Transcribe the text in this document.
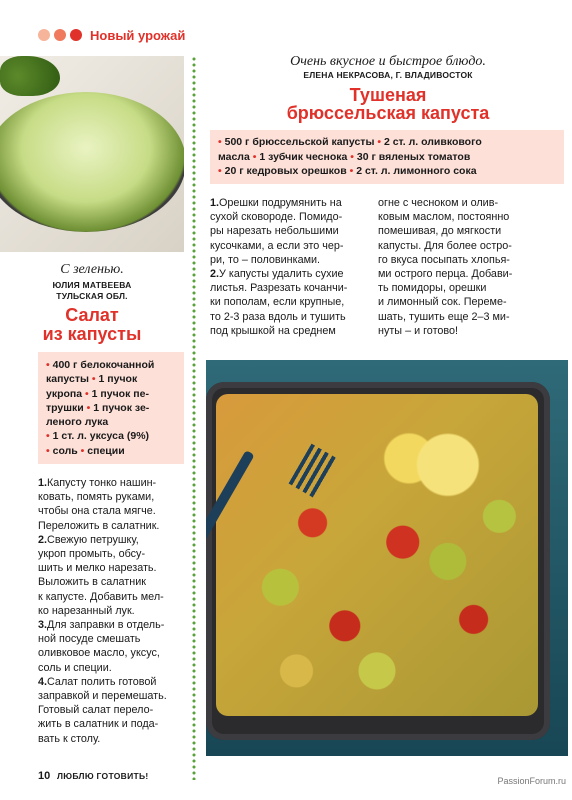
Новый урожай
С зеленью.
ЮЛИЯ МАТВЕЕВА
ТУЛЬСКАЯ ОБЛ.
Салат
из капусты
• 400 г белокочанной
капусты • 1 пучок
укропа • 1 пучок пе-
трушки • 1 пучок зе-
леного лука
• 1 ст. л. уксуса (9%)
• соль • специи
1.Капусту тонко нашин-
ковать, помять руками,
чтобы она стала мягче.
Переложить в салатник.
2.Свежую петрушку,
укроп промыть, обсу-
шить и мелко нарезать.
Выложить в салатник
к капусте. Добавить мел-
ко нарезанный лук.
3.Для заправки в отдель-
ной посуде смешать
оливковое масло, уксус,
соль и специи.
4.Салат полить готовой
заправкой и перемешать.
Готовый салат перело-
жить в салатник и пода-
вать к столу.
Очень вкусное и быстрое блюдо.
ЕЛЕНА НЕКРАСОВА, Г. ВЛАДИВОСТОК
Тушеная
брюссельская капуста
• 500 г брюссельской капусты • 2 ст. л. оливкового
масла • 1 зубчик чеснока • 30 г вяленых томатов
• 20 г кедровых орешков • 2 ст. л. лимонного сока
1.Орешки подрумянить на
сухой сковороде. Помидо-
ры нарезать небольшими
кусочками, а если это чер-
ри, то – половинками.
2.У капусты удалить сухие
листья. Разрезать кочанчи-
ки пополам, если крупные,
то 2-3 раза вдоль и тушить
под крышкой на среднем
огне с чесноком и олив-
ковым маслом, постоянно
помешивая, до мягкости
капусты. Для более остро-
го вкуса посыпать хлопья-
ми острого перца. Добави-
ть помидоры, орешки
и лимонный сок. Переме-
шать, тушить еще 2–3 ми-
нуты – и готово!
10 ЛЮБЛЮ ГОТОВИТЬ!	PassionForum.ru
